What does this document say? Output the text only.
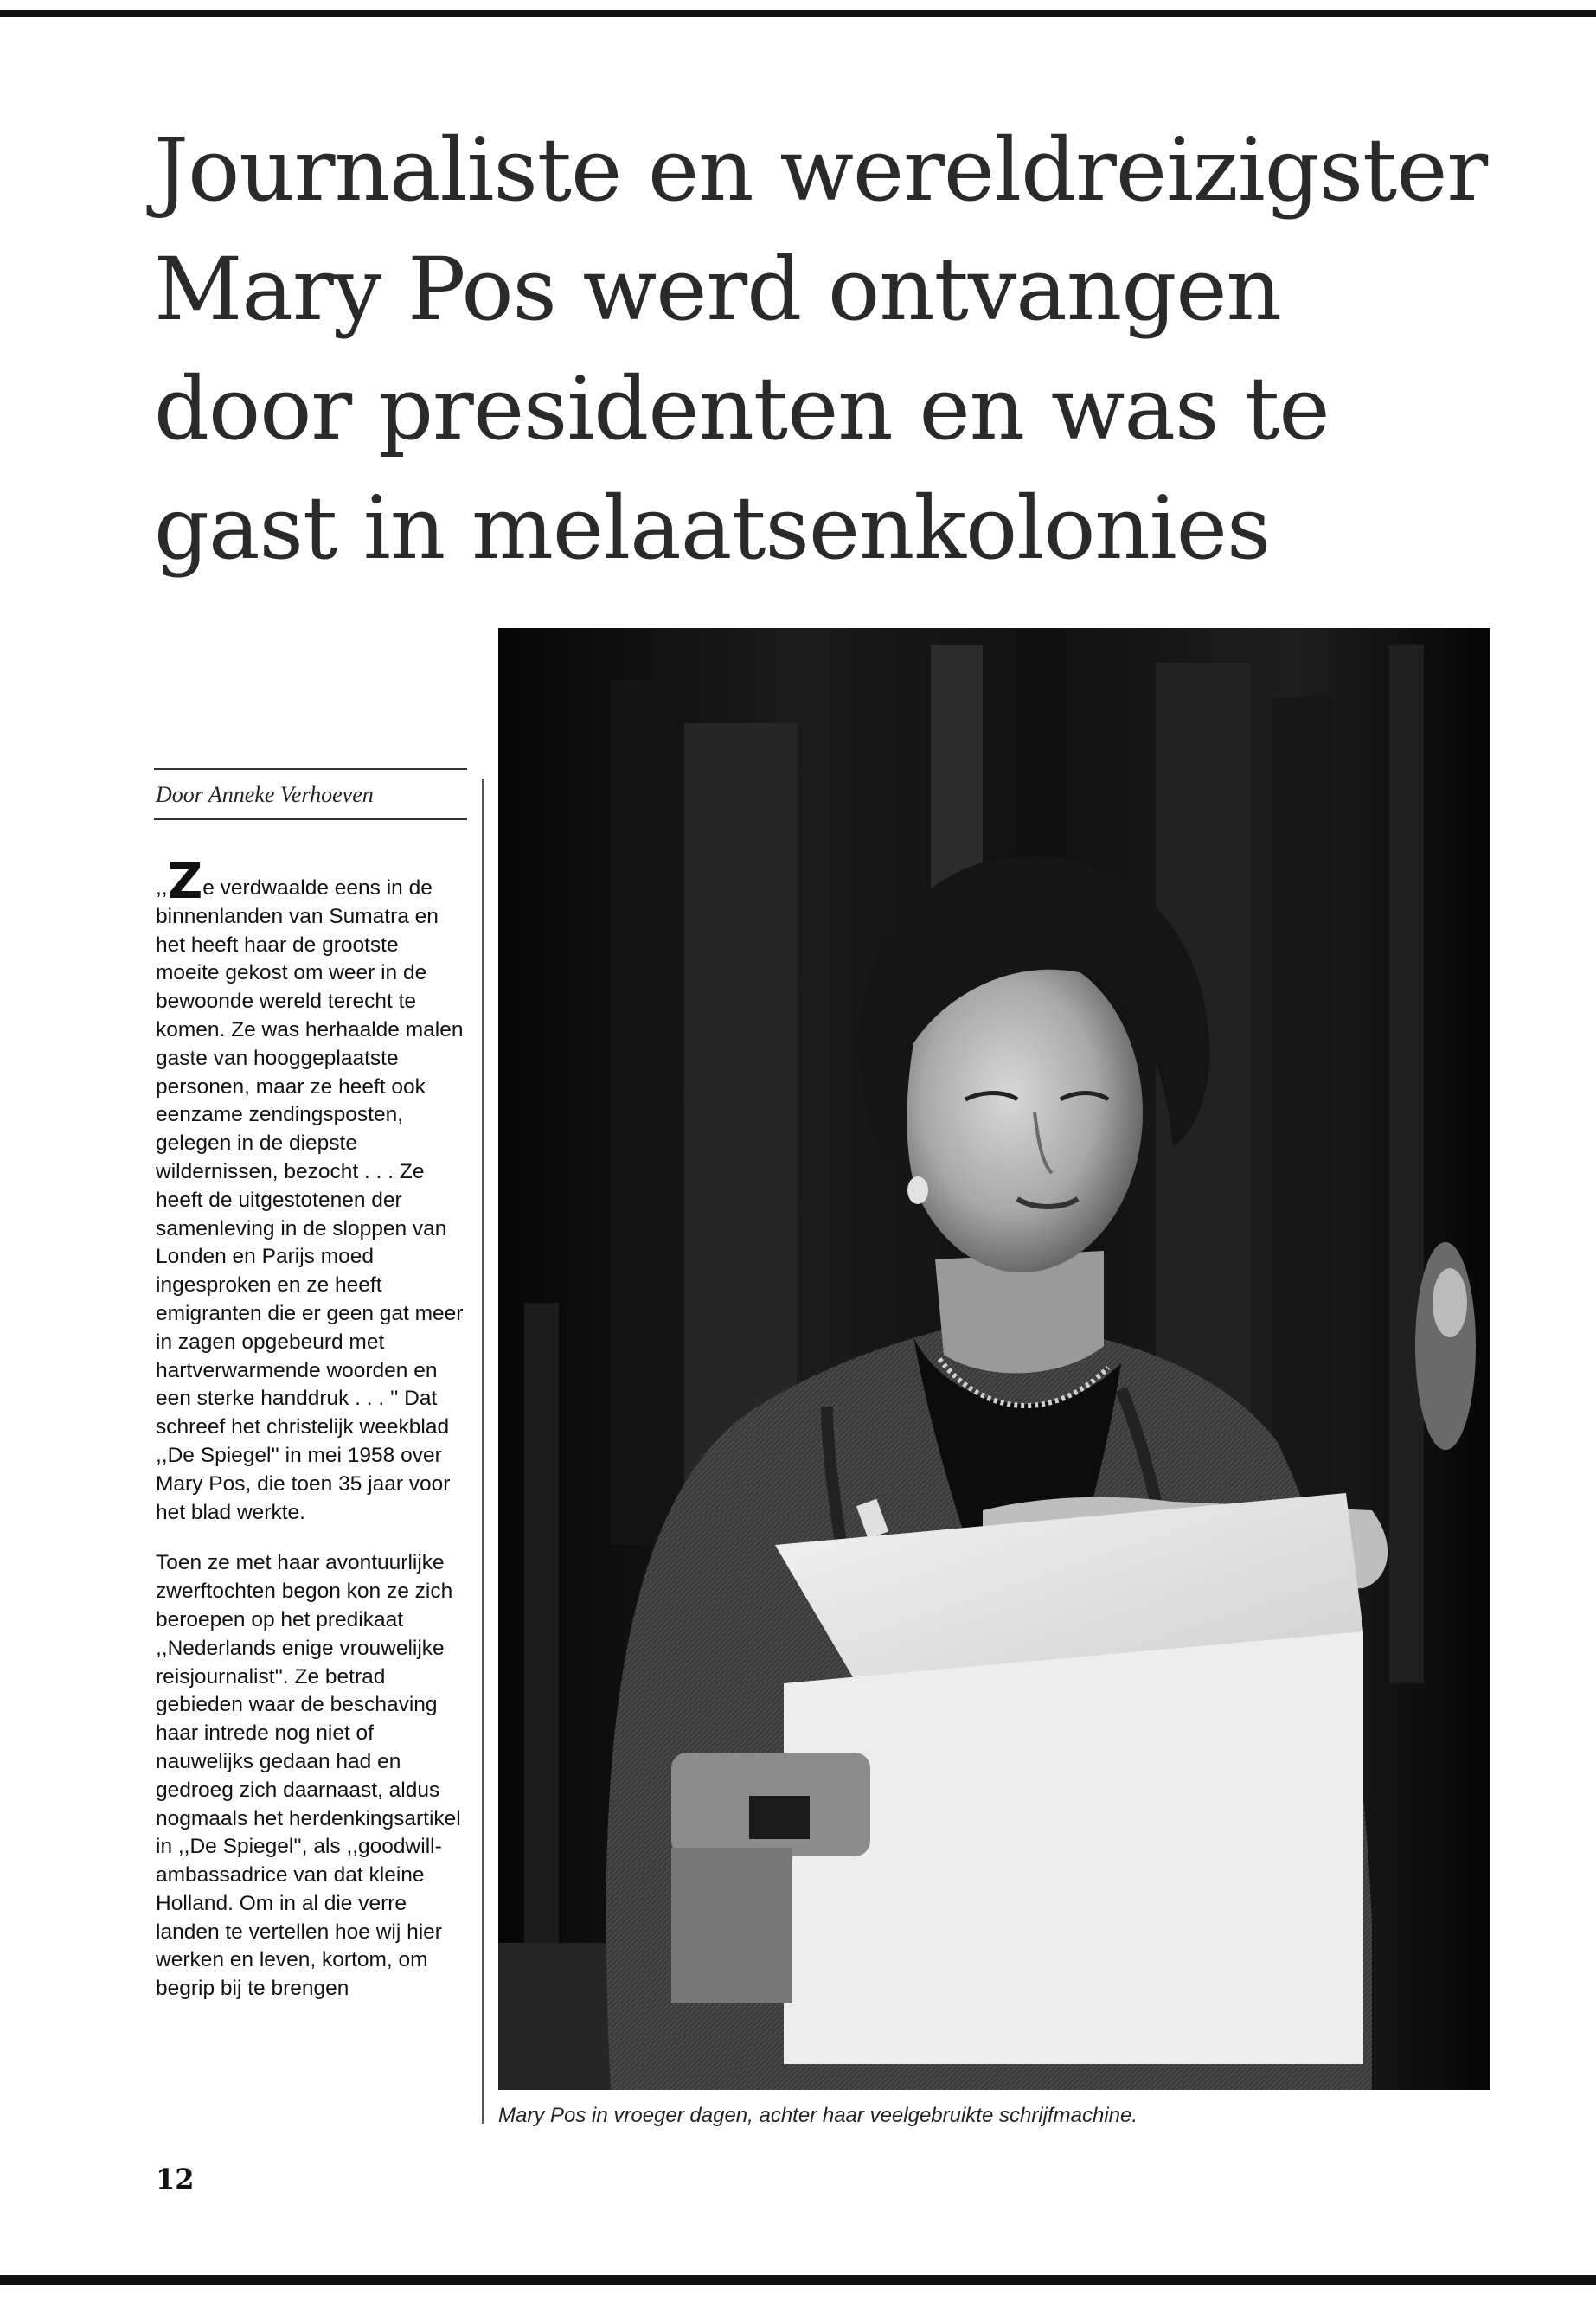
Journaliste en wereldreizigster Mary Pos werd ontvangen door presidenten en was te gast in melaatsenkolonies
Door Anneke Verhoeven

,,Ze verdwaalde eens in de binnenlanden van Sumatra en het heeft haar de grootste moeite gekost om weer in de bewoonde wereld terecht te komen. Ze was herhaalde malen gaste van hooggeplaatste personen, maar ze heeft ook eenzame zendingsposten, gelegen in de diepste wildernissen, bezocht . . . Ze heeft de uitgestotenen der samenleving in de sloppen van Londen en Parijs moed ingesproken en ze heeft emigranten die er geen gat meer in zagen opgebeurd met hartverwarmende woorden en een sterke handdruk . . . '' Dat schreef het christelijk weekblad ,,De Spiegel'' in mei 1958 over Mary Pos, die toen 35 jaar voor het blad werkte.

Toen ze met haar avontuurlijke zwerftochten begon kon ze zich beroepen op het predikaat ,,Nederlands enige vrouwelijke reisjournalist''. Ze betrad gebieden waar de beschaving haar intrede nog niet of nauwelijks gedaan had en gedroeg zich daarnaast, aldus nogmaals het herdenkingsartikel in ,,De Spiegel'', als ,,goodwill-ambassadrice van dat kleine Holland. Om in al die verre landen te vertellen hoe wij hier werken en leven, kortom, om begrip bij te brengen

Mary Pos in vroeger dagen, achter haar veelgebruikte schrijfmachine.
12
